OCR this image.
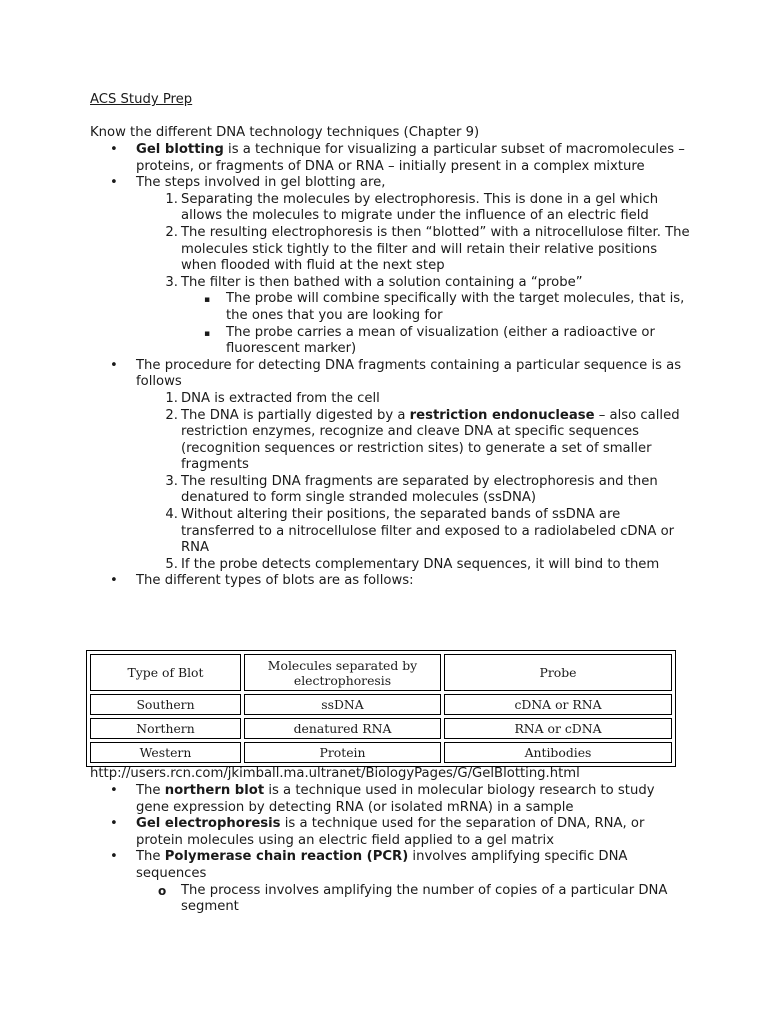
ACS Study Prep

Know the different DNA technology techniques (Chapter 9)

• Gel blotting is a technique for visualizing a particular subset of macromolecules – proteins, or fragments of DNA or RNA – initially present in a complex mixture
• The steps involved in gel blotting are,
1. Separating the molecules by electrophoresis. This is done in a gel which allows the molecules to migrate under the influence of an electric field
2. The resulting electrophoresis is then “blotted” with a nitrocellulose filter. The molecules stick tightly to the filter and will retain their relative positions when flooded with fluid at the next step
3. The filter is then bathed with a solution containing a “probe”
▪ The probe will combine specifically with the target molecules, that is, the ones that you are looking for
▪ The probe carries a mean of visualization (either a radioactive or fluorescent marker)
• The procedure for detecting DNA fragments containing a particular sequence is as follows
1. DNA is extracted from the cell
2. The DNA is partially digested by a restriction endonuclease – also called restriction enzymes, recognize and cleave DNA at specific sequences (recognition sequences or restriction sites) to generate a set of smaller fragments
3. The resulting DNA fragments are separated by electrophoresis and then denatured to form single stranded molecules (ssDNA)
4. Without altering their positions, the separated bands of ssDNA are transferred to a nitrocellulose filter and exposed to a radiolabeled cDNA or RNA
5. If the probe detects complementary DNA sequences, it will bind to them
• The different types of blots are as follows:
Type of Blot	Molecules separated by electrophoresis	Probe
Southern	ssDNA	cDNA or RNA
Northern	denatured RNA	RNA or cDNA
Western	Protein	Antibodies

http://users.rcn.com/jkimball.ma.ultranet/BiologyPages/G/GelBlotting.html

• The northern blot is a technique used in molecular biology research to study gene expression by detecting RNA (or isolated mRNA) in a sample
• Gel electrophoresis is a technique used for the separation of DNA, RNA, or protein molecules using an electric field applied to a gel matrix
• The Polymerase chain reaction (PCR) involves amplifying specific DNA sequences
o The process involves amplifying the number of copies of a particular DNA segment
